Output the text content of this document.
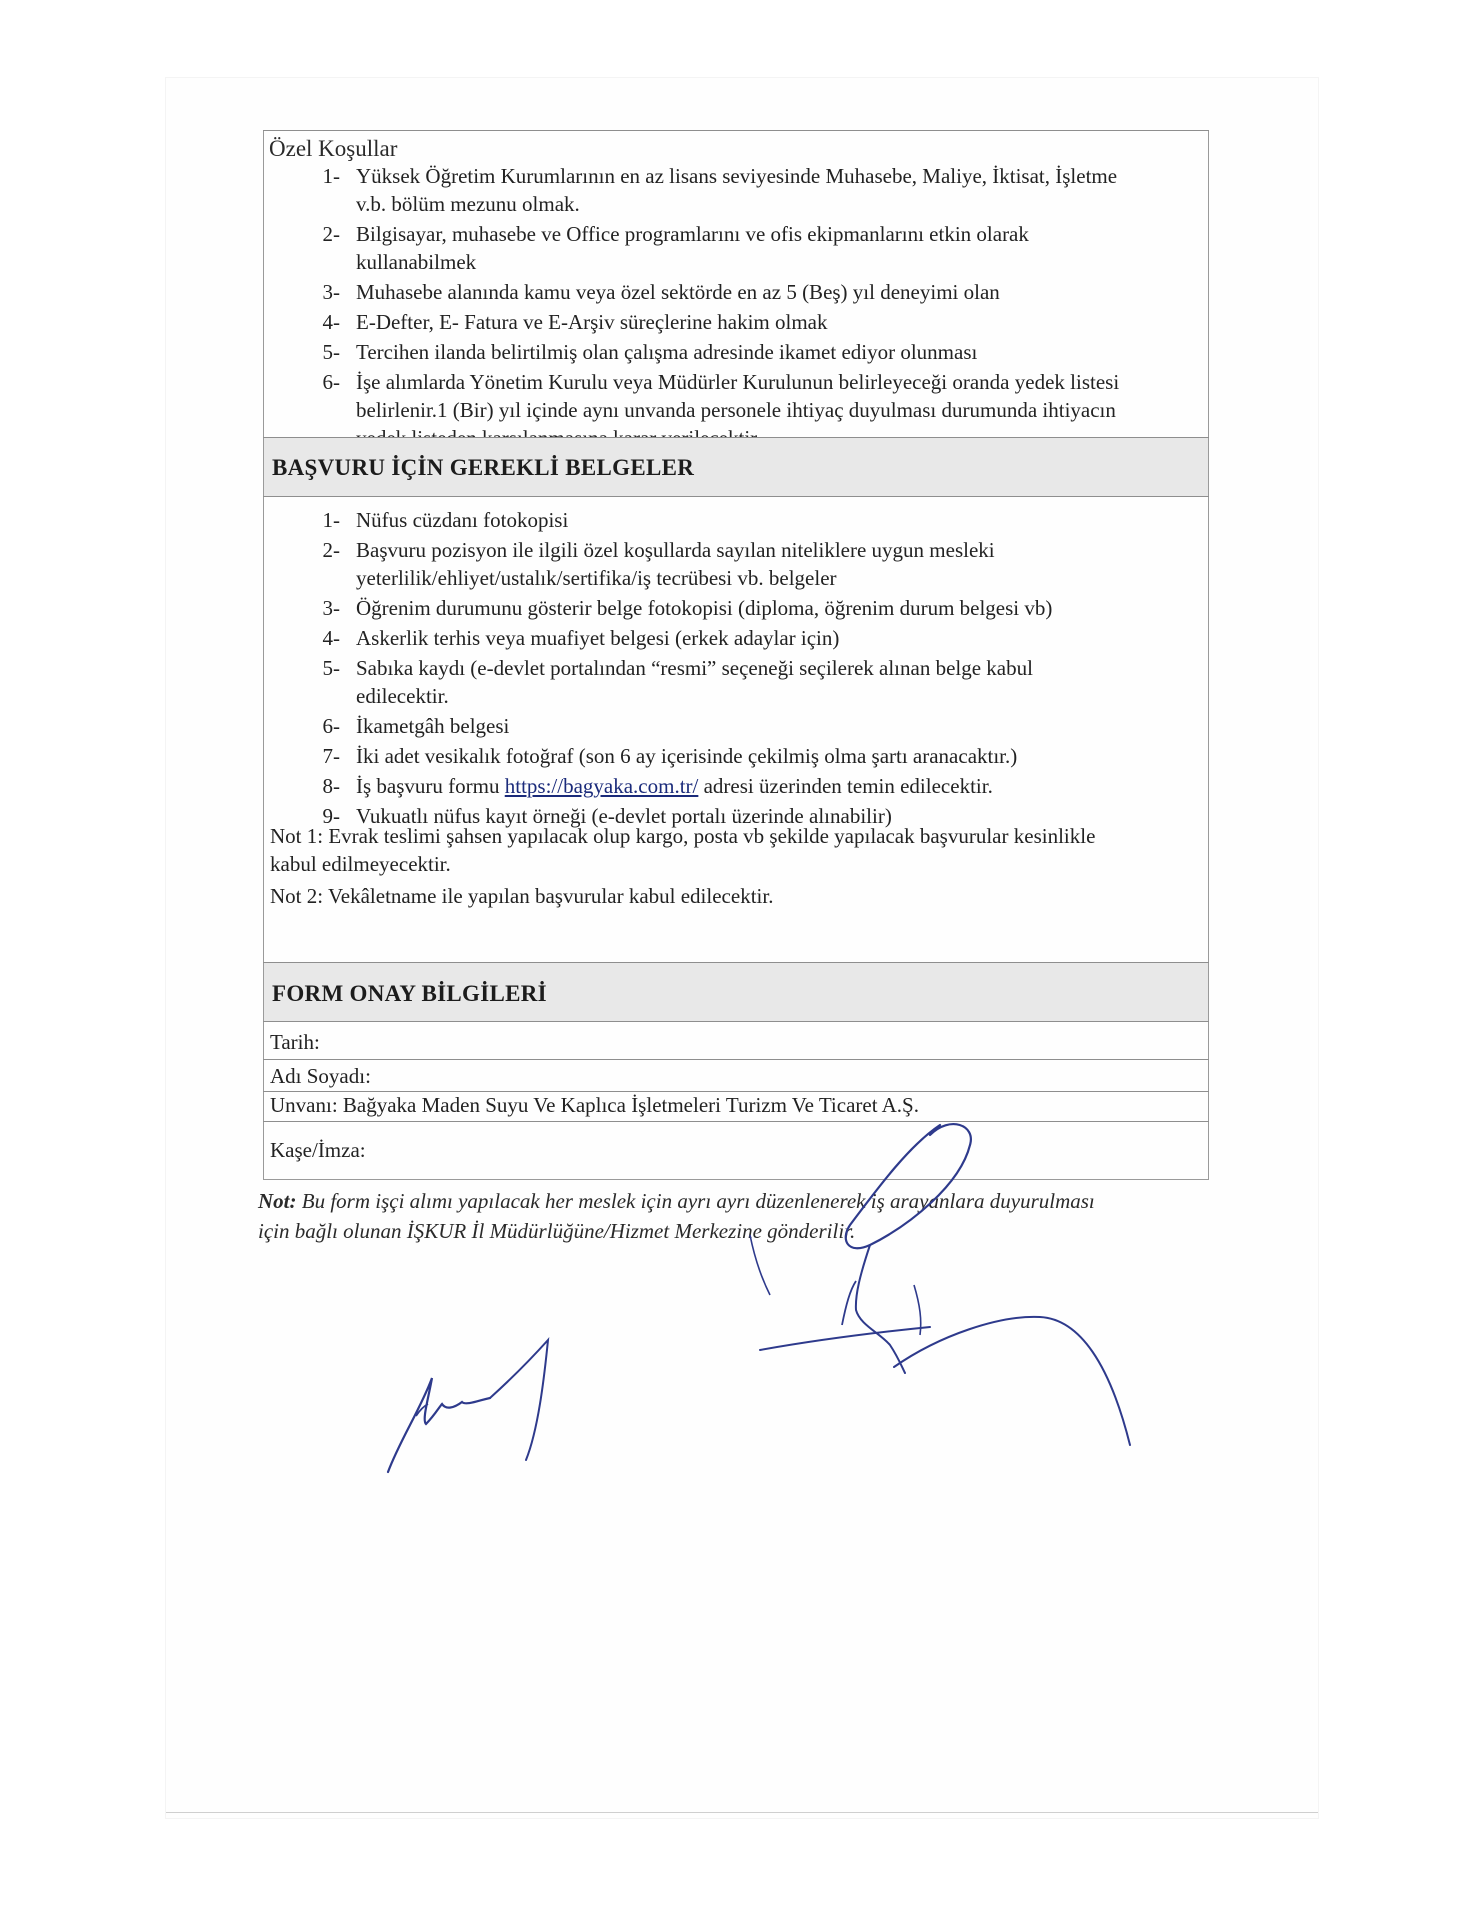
Özel Koşullar
1- Yüksek Öğretim Kurumlarının en az lisans seviyesinde Muhasebe, Maliye, İktisat, İşletme
v.b. bölüm mezunu olmak.
2- Bilgisayar, muhasebe ve Office programlarını ve ofis ekipmanlarını etkin olarak
kullanabilmek
3- Muhasebe alanında kamu veya özel sektörde en az 5 (Beş) yıl deneyimi olan
4- E-Defter, E- Fatura ve E-Arşiv süreçlerine hakim olmak
5- Tercihen ilanda belirtilmiş olan çalışma adresinde ikamet ediyor olunması
6- İşe alımlarda Yönetim Kurulu veya Müdürler Kurulunun belirleyeceği oranda yedek listesi
belirlenir.1 (Bir) yıl içinde aynı unvanda personele ihtiyaç duyulması durumunda ihtiyacın
BAŞVURU İÇİN GEREKLİ BELGELER
1- Nüfus cüzdanı fotokopisi
2- Başvuru pozisyon ile ilgili özel koşullarda sayılan niteliklere uygun mesleki
yeterlilik/ehliyet/ustalık/sertifika/iş tecrübesi vb. belgeler
3- Öğrenim durumunu gösterir belge fotokopisi (diploma, öğrenim durum belgesi vb)
4- Askerlik terhis veya muafiyet belgesi (erkek adaylar için)
5- Sabıka kaydı (e-devlet portalından “resmi” seçeneği seçilerek alınan belge kabul
edilecektir.
6- İkametgâh belgesi
7- İki adet vesikalık fotoğraf (son 6 ay içerisinde çekilmiş olma şartı aranacaktır.)
8- İş başvuru formu https://bagyaka.com.tr/ adresi üzerinden temin edilecektir.
9- Vukuatlı nüfus kayıt örneği (e-devlet portalı üzerinde alınabilir)
Not 1: Evrak teslimi şahsen yapılacak olup kargo, posta vb şekilde yapılacak başvurular kesinlikle
kabul edilmeyecektir.
Not 2: Vekâletname ile yapılan başvurular kabul edilecektir.
FORM ONAY BİLGİLERİ
Tarih:
Adı Soyadı:
Unvanı: Bağyaka Maden Suyu Ve Kaplıca İşletmeleri Turizm Ve Ticaret A.Ş.
Kaşe/İmza:
Not: Bu form işçi alımı yapılacak her meslek için ayrı ayrı düzenlenerek iş arayanlara duyurulması
için bağlı olunan İŞKUR İl Müdürlüğüne/Hizmet Merkezine gönderilir.
